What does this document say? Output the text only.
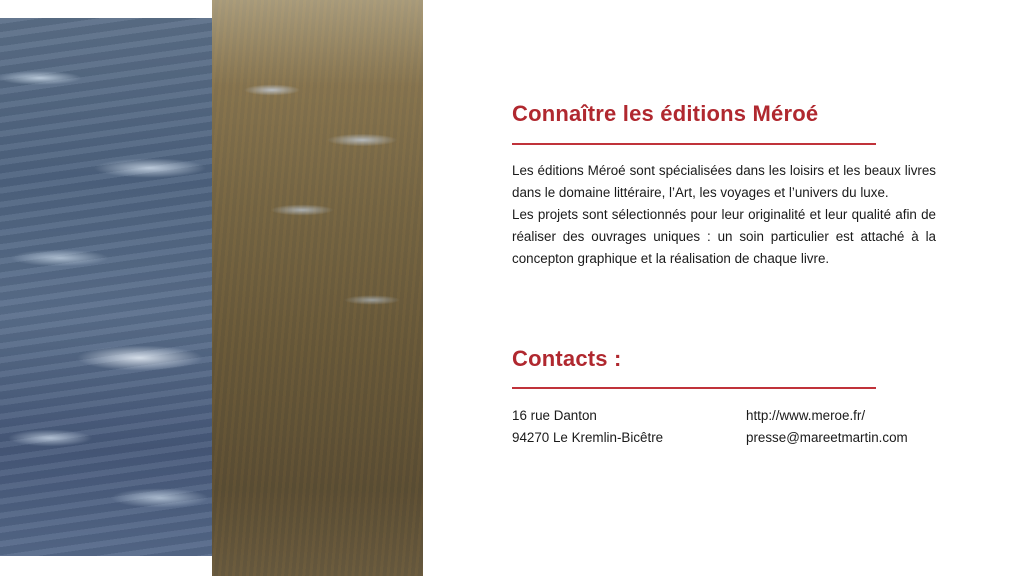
Connaître les éditions Méroé

Les éditions Méroé sont spécialisées dans les loisirs et les beaux livres dans le domaine littéraire, l’Art, les voyages et l’univers du luxe.

Les projets sont sélectionnés pour leur originalité et leur qualité afin de réaliser des ouvrages uniques : un soin particulier est attaché à la concepton graphique et la réalisation de chaque livre.

Contacts :
16 rue Danton
94270 Le Kremlin-Bicêtre
http://www.meroe.fr/
presse@mareetmartin.com
